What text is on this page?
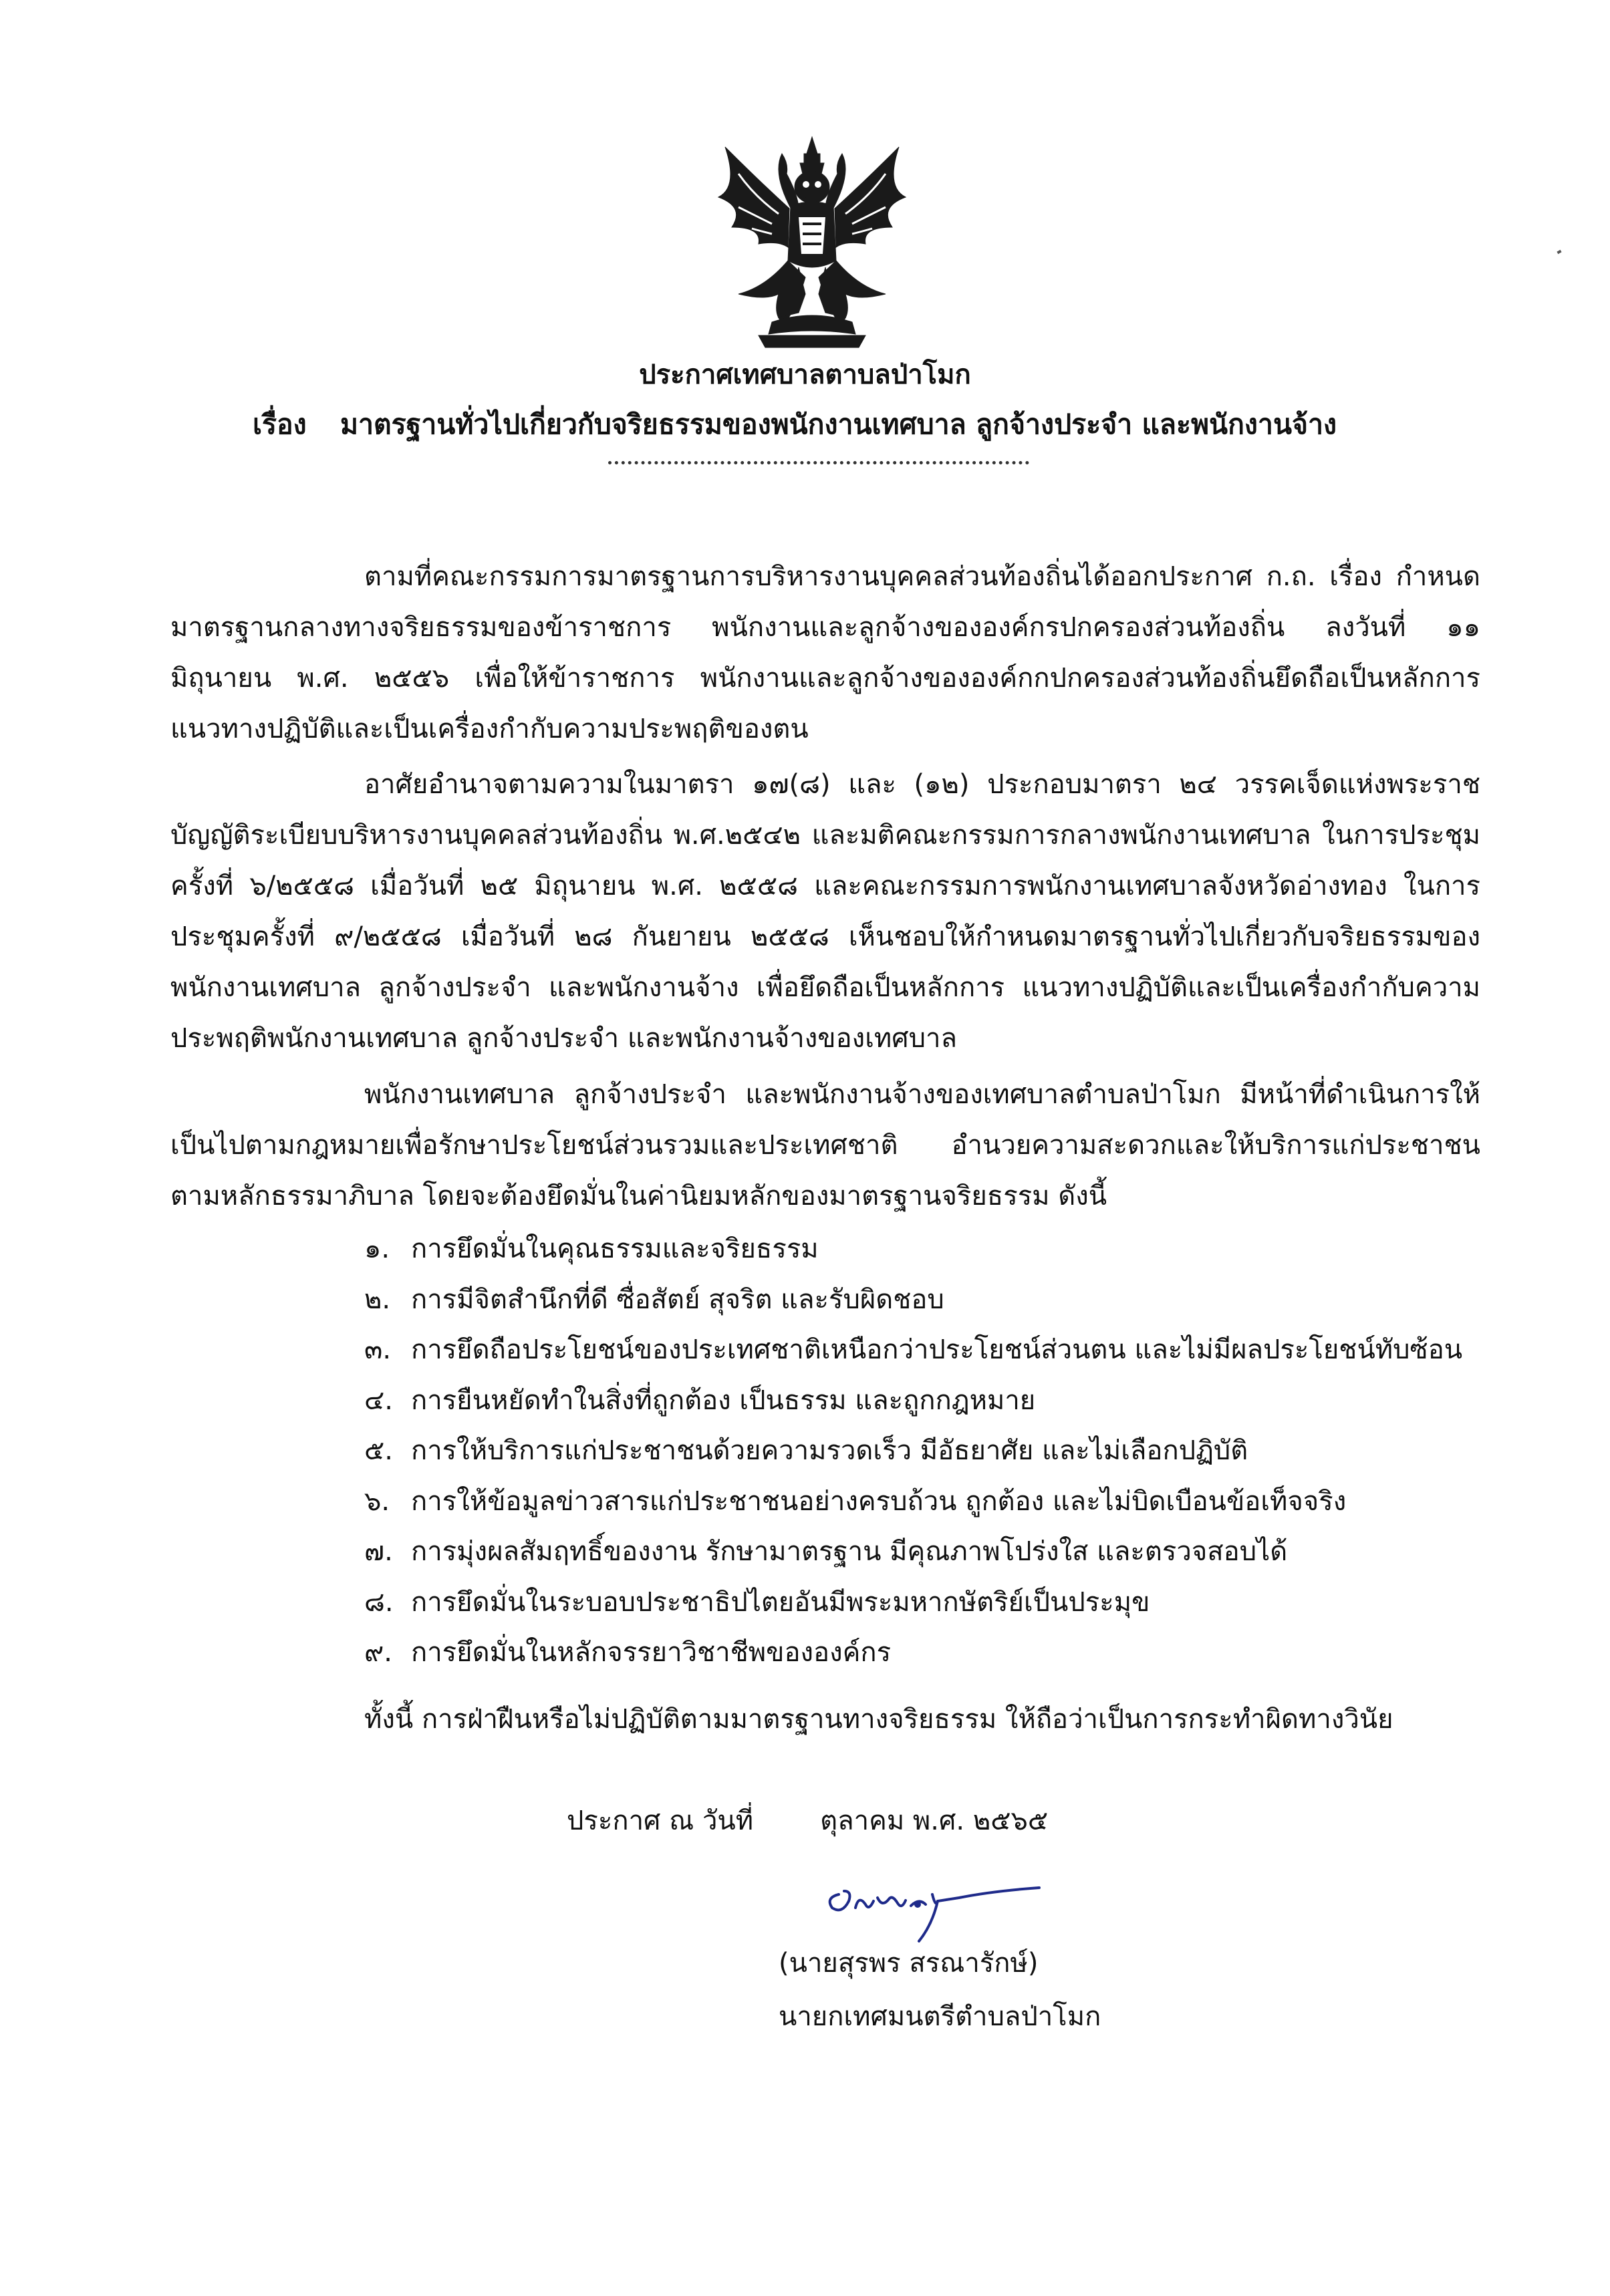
ประกาศเทศบาลตาบลป่าโมก
เรื่อง มาตรฐานทั่วไปเกี่ยวกับจริยธรรมของพนักงานเทศบาล ลูกจ้างประจำ และพนักงานจ้าง

ตามที่คณะกรรมการมาตรฐานการบริหารงานบุคคลส่วนท้องถิ่นได้ออกประกาศ ก.ถ. เรื่อง กำหนดมาตรฐานกลางทางจริยธรรมของข้าราชการ พนักงานและลูกจ้างขององค์กรปกครองส่วนท้องถิ่น ลงวันที่ ๑๑ มิถุนายน พ.ศ. ๒๕๕๖ เพื่อให้ข้าราชการ พนักงานและลูกจ้างขององค์กกปกครองส่วนท้องถิ่นยึดถือเป็นหลักการ แนวทางปฏิบัติและเป็นเครื่องกำกับความประพฤติของตน

อาศัยอำนาจตามความในมาตรา ๑๗(๘) และ (๑๒) ประกอบมาตรา ๒๔ วรรคเจ็ดแห่งพระราชบัญญัติระเบียบบริหารงานบุคคลส่วนท้องถิ่น พ.ศ.๒๕๔๒ และมติคณะกรรมการกลางพนักงานเทศบาล ในการประชุมครั้งที่ ๖/๒๕๕๘ เมื่อวันที่ ๒๕ มิถุนายน พ.ศ. ๒๕๕๘ และคณะกรรมการพนักงานเทศบาลจังหวัดอ่างทอง ในการประชุมครั้งที่ ๙/๒๕๕๘ เมื่อวันที่ ๒๘ กันยายน ๒๕๕๘ เห็นชอบให้กำหนดมาตรฐานทั่วไปเกี่ยวกับจริยธรรมของพนักงานเทศบาล ลูกจ้างประจำ และพนักงานจ้าง เพื่อยึดถือเป็นหลักการ แนวทางปฏิบัติและเป็นเครื่องกำกับความประพฤติพนักงานเทศบาล ลูกจ้างประจำ และพนักงานจ้างของเทศบาล

พนักงานเทศบาล ลูกจ้างประจำ และพนักงานจ้างของเทศบาลตำบลป่าโมก มีหน้าที่ดำเนินการให้เป็นไปตามกฎหมายเพื่อรักษาประโยชน์ส่วนรวมและประเทศชาติ อำนวยความสะดวกและให้บริการแก่ประชาชนตามหลักธรรมาภิบาล โดยจะต้องยึดมั่นในค่านิยมหลักของมาตรฐานจริยธรรม ดังนี้

๑. การยึดมั่นในคุณธรรมและจริยธรรม
๒. การมีจิตสำนึกที่ดี ซื่อสัตย์ สุจริต และรับผิดชอบ
๓. การยึดถือประโยชน์ของประเทศชาติเหนือกว่าประโยชน์ส่วนตน และไม่มีผลประโยชน์ทับซ้อน
๔. การยืนหยัดทำในสิ่งที่ถูกต้อง เป็นธรรม และถูกกฎหมาย
๕. การให้บริการแก่ประชาชนด้วยความรวดเร็ว มีอัธยาศัย และไม่เลือกปฏิบัติ
๖. การให้ข้อมูลข่าวสารแก่ประชาชนอย่างครบถ้วน ถูกต้อง และไม่บิดเบือนข้อเท็จจริง
๗. การมุ่งผลสัมฤทธิ์ของงาน รักษามาตรฐาน มีคุณภาพโปร่งใส และตรวจสอบได้
๘. การยึดมั่นในระบอบประชาธิปไตยอันมีพระมหากษัตริย์เป็นประมุข
๙. การยึดมั่นในหลักจรรยาวิชาชีพขององค์กร
ทั้งนี้ การฝ่าฝืนหรือไม่ปฏิบัติตามมาตรฐานทางจริยธรรม ให้ถือว่าเป็นการกระทำผิดทางวินัย
ประกาศ ณ วันที่	ตุลาคม พ.ศ. ๒๕๖๕
(นายสุรพร สรณารักษ์)
นายกเทศมนตรีตำบลป่าโมก
